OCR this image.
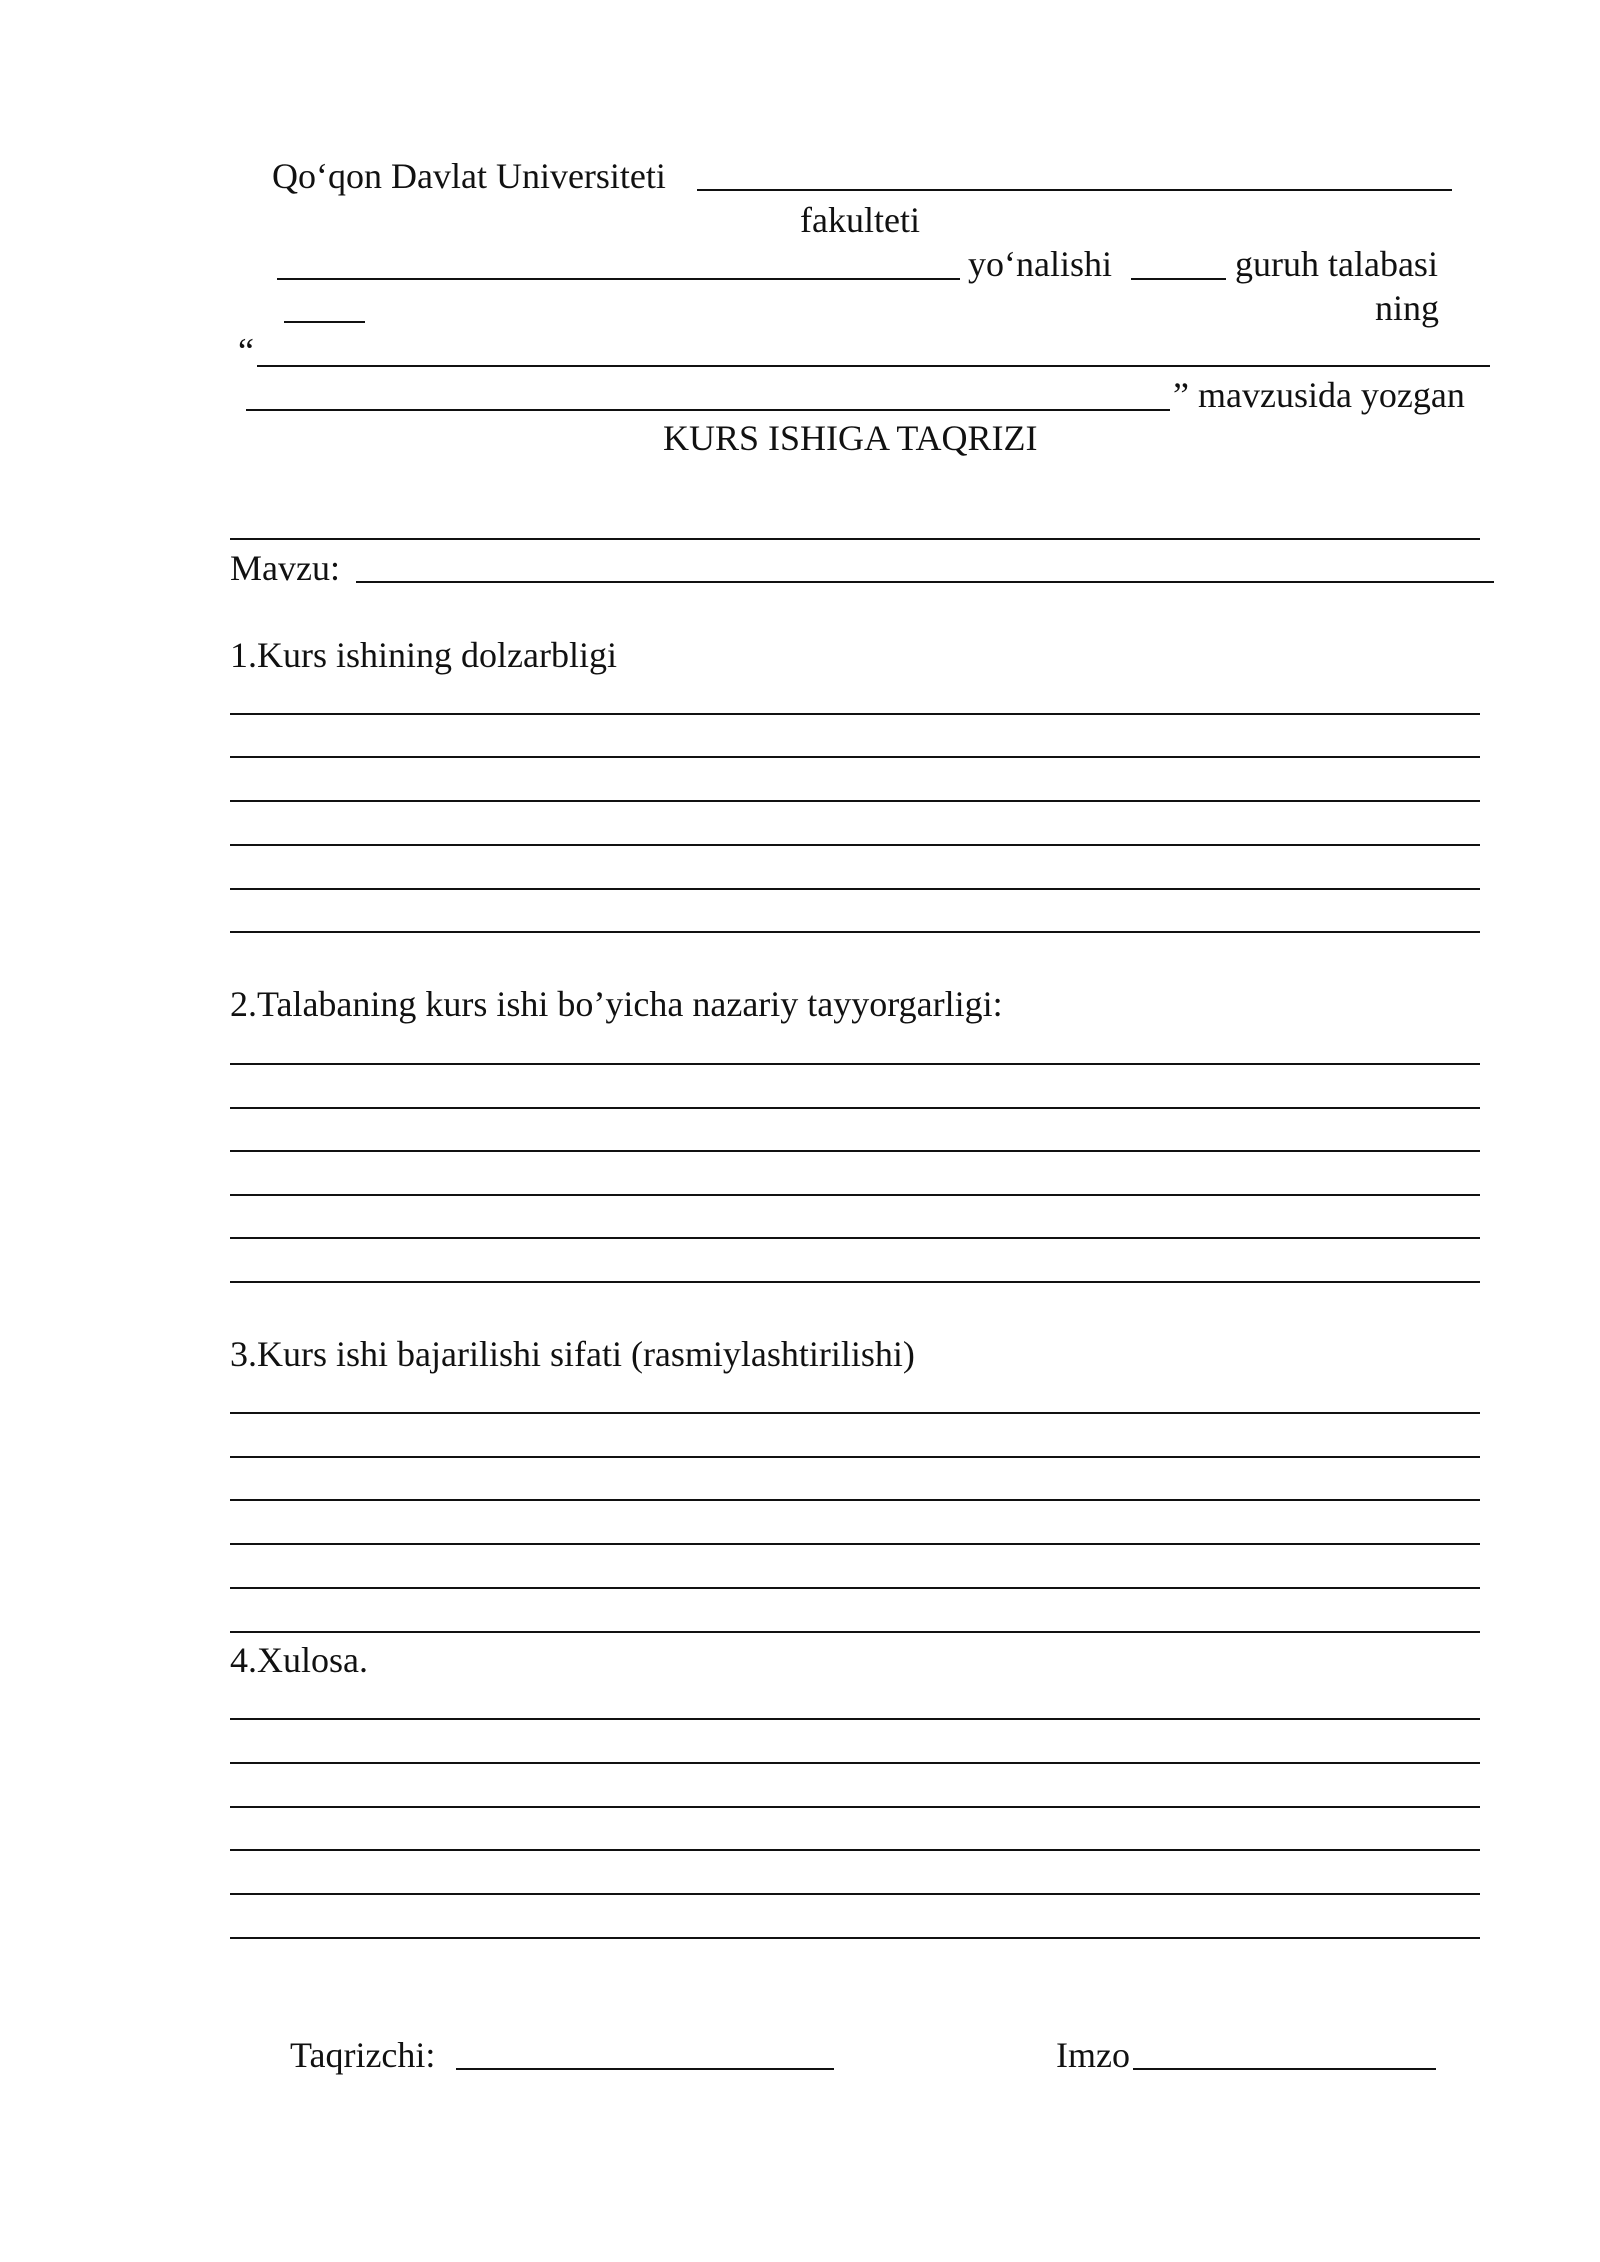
Qo‘qon Davlat Universiteti
fakulteti
yo‘nalishi	guruh talabasi
ning
“
” mavzusida yozgan
KURS ISHIGA TAQRIZI
Mavzu:
1.Kurs ishining dolzarbligi
2.Talabaning kurs ishi bo’yicha nazariy tayyorgarligi:
3.Kurs ishi bajarilishi sifati (rasmiylashtirilishi)
4.Xulosa.
Taqrizchi:	Imzo
